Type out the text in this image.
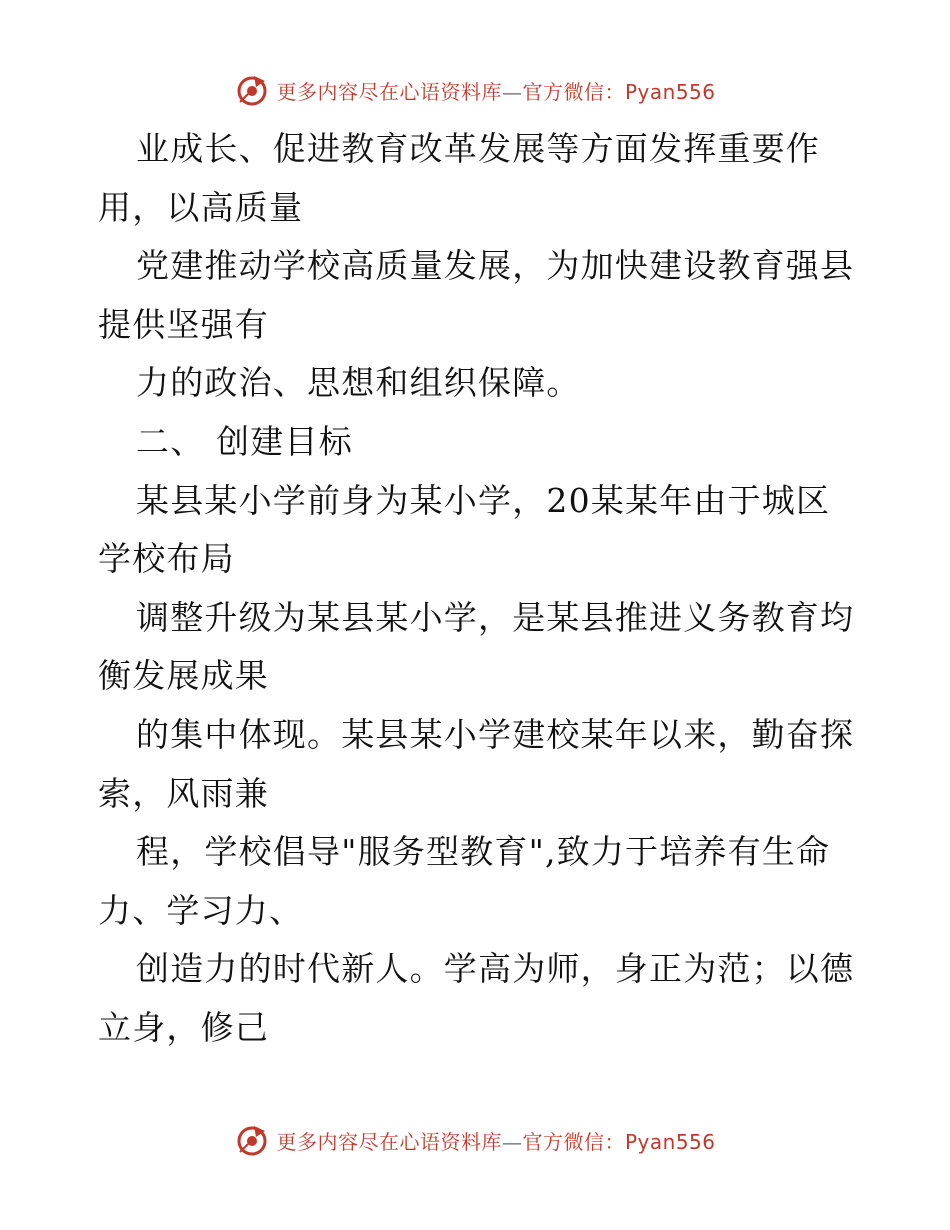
更多内容尽在心语资料库—官方微信：Pyan556
业成长、促进教育改革发展等方面发挥重要作
用，以高质量
党建推动学校高质量发展，为加快建设教育强县
提供坚强有
力的政治、思想和组织保障。
二、 创建目标
某县某小学前身为某小学，20某某年由于城区
学校布局
调整升级为某县某小学，是某县推进义务教育均
衡发展成果
的集中体现。某县某小学建校某年以来，勤奋探
索，风雨兼
程，学校倡导"服务型教育",致力于培养有生命
力、学习力、
创造力的时代新人。学高为师，身正为范；以德
立身，修己
更多内容尽在心语资料库—官方微信：Pyan556
